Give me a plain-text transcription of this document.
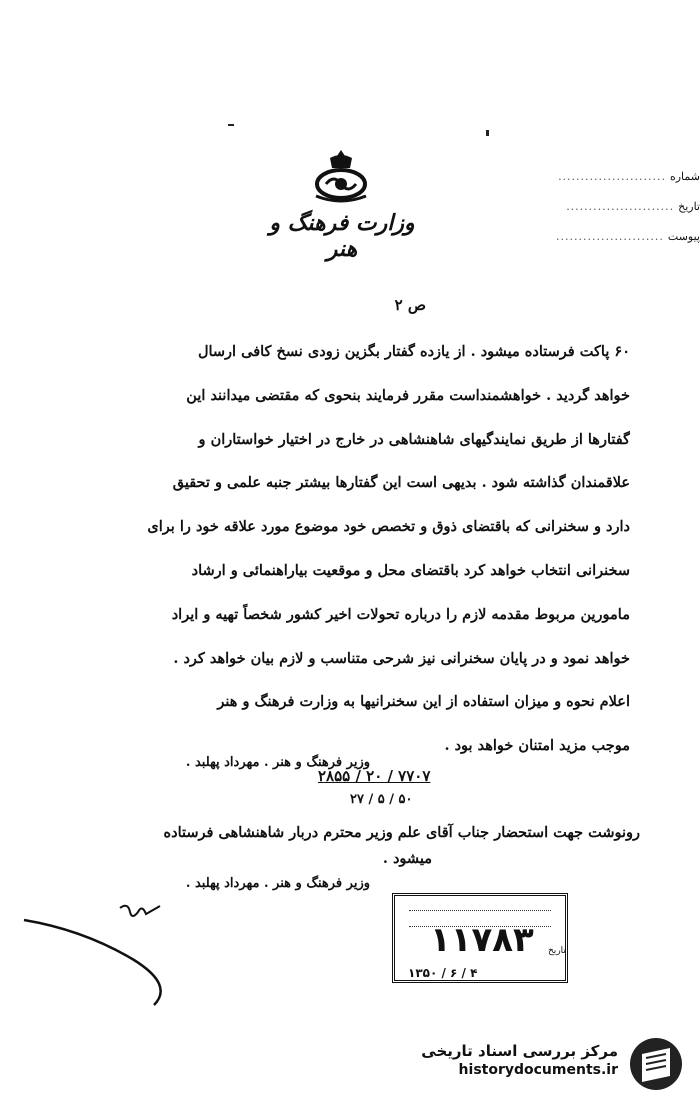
وزارت فرهنگ و هنر
شماره
........................
تاریخ
........................
پیوست
........................
ص ۲
۶۰ پاکت فرستاده میشود . از یازده گفتار بگزین زودی نسخ کافی ارسال
خواهد گردید . خواهشمنداست مقرر فرمایند بنحوی که مقتضی میدانند این
گفتارها از طریق نمایندگیهای شاهنشاهی در خارج در اختیار خواستاران و
علاقمندان گذاشته شود . بدیهی است این گفتارها بیشتر جنبه علمی و تحقیق
دارد و سخنرانی که باقتضای ذوق و تخصص خود موضوع مورد علاقه خود را برای
سخنرانی انتخاب خواهد کرد باقتضای محل و موقعیت بیاراهنمائی و ارشاد
مامورین مربوط مقدمه لازم را درباره تحولات اخیر کشور شخصاً تهیه و ایراد
خواهد نمود و در پایان سخنرانی نیز شرحی متناسب و لازم بیان خواهد کرد .
اعلام نحوه و میزان استفاده از این سخنرانیها به وزارت فرهنگ و هنر
موجب مزید امتنان خواهد بود .
وزیر فرهنگ و هنر . مهرداد پهلبد .
۲۸۵۵ / ۲۰ / ۷۷۰۷
۲۷ / ۵ / ۵۰
رونوشت جهت استحضار جناب آقای علم وزیر محترم دربار شاهنشاهی فرستاده
میشود .
وزیر فرهنگ و هنر . مهرداد پهلبد .
۱۱۷۸۳ تاریخ
۱۳۵۰ / ۶ / ۴
مرکز بررسی اسناد تاریخی
historydocuments.ir
